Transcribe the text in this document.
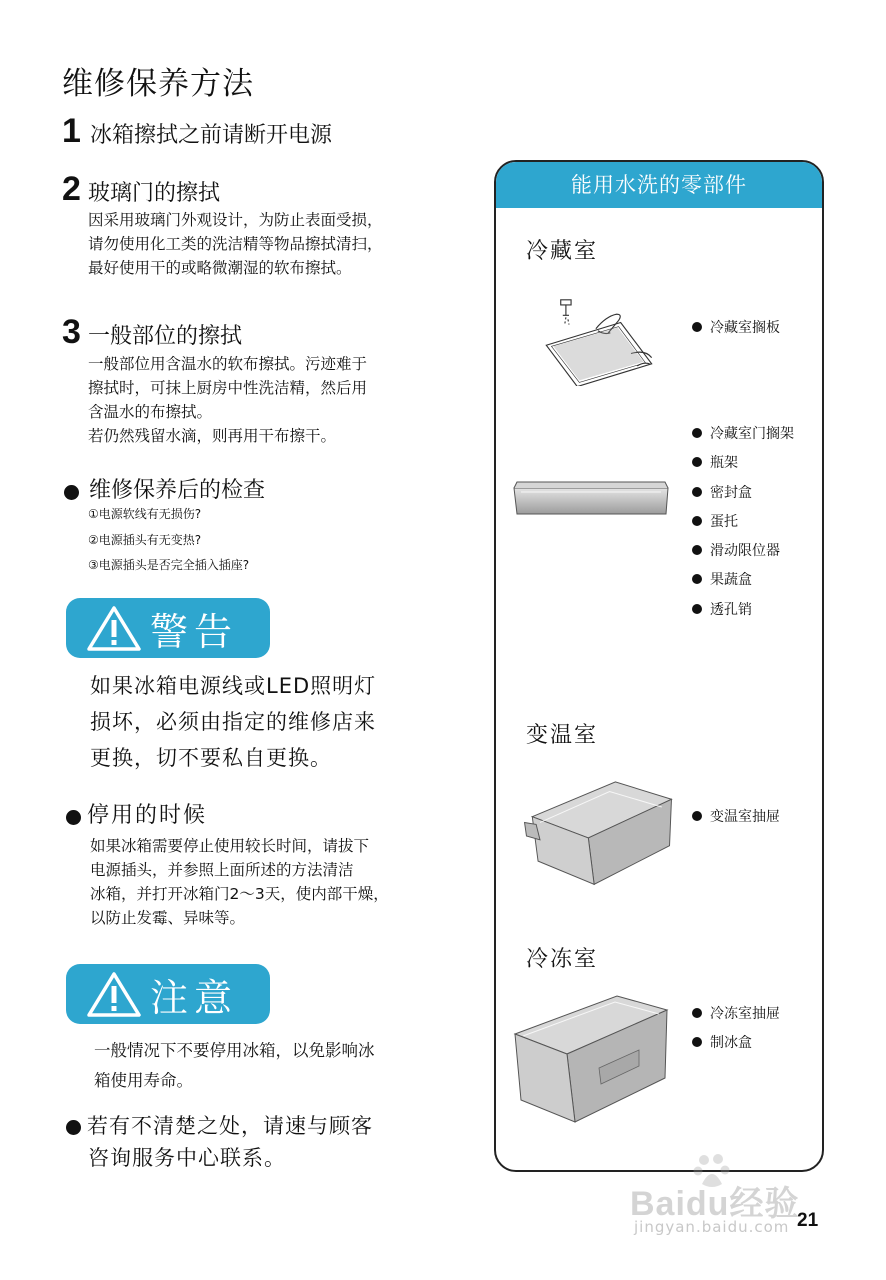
维修保养方法
1 冰箱擦拭之前请断开电源
2 玻璃门的擦拭
因采用玻璃门外观设计，为防止表面受损，
请勿使用化工类的洗洁精等物品擦拭清扫，
最好使用干的或略微潮湿的软布擦拭。
3 一般部位的擦拭
一般部位用含温水的软布擦拭。污迹难于
擦拭时，可抹上厨房中性洗洁精，然后用
含温水的布擦拭。
若仍然残留水滴，则再用干布擦干。
维修保养后的检查
①电源软线有无损伤?
②电源插头有无变热?
③电源插头是否完全插入插座?
警告
如果冰箱电源线或LED照明灯
损坏，必须由指定的维修店来
更换，切不要私自更换。
停用的时候
如果冰箱需要停止使用较长时间，请拔下
电源插头，并参照上面所述的方法清洁
冰箱，并打开冰箱门2～3天，使内部干燥，
以防止发霉、异味等。
注意
一般情况下不要停用冰箱，以免影响冰
箱使用寿命。
若有不清楚之处，请速与顾客
咨询服务中心联系。
能用水洗的零部件
冷藏室
冷藏室搁板
冷藏室门搁架
瓶架
密封盒
蛋托
滑动限位器
果蔬盒
透孔销
变温室
变温室抽屉
冷冻室
冷冻室抽屉
制冰盒
Baidu经验
jingyan.baidu.com 21
